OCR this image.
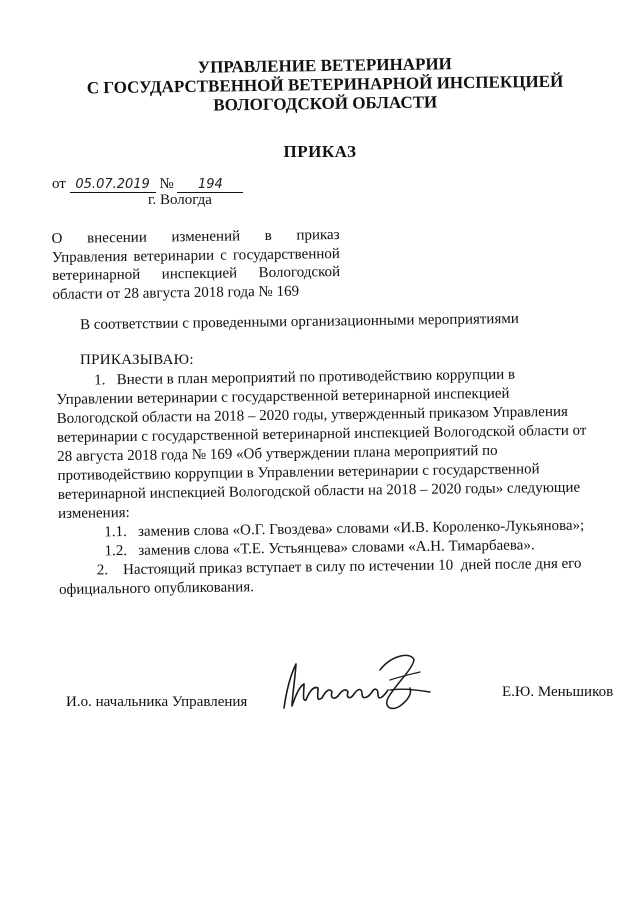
УПРАВЛЕНИЕ ВЕТЕРИНАРИИ
С ГОСУДАРСТВЕННОЙ ВЕТЕРИНАРНОЙ ИНСПЕКЦИЕЙ
ВОЛОГОДСКОЙ ОБЛАСТИ
ПРИКАЗ
от 05.07.2019 № 194
г. Вологда
О внесении изменений в приказ
Управления ветеринарии с государственной
ветеринарной инспекцией Вологодской
области от 28 августа 2018 года № 169
В соответствии с проведенными организационными мероприятиями
ПРИКАЗЫВАЮ:
1.   Внести в план мероприятий по противодействию коррупции в
Управлении ветеринарии с государственной ветеринарной инспекцией
Вологодской области на 2018 – 2020 годы, утвержденный приказом Управления
ветеринарии с государственной ветеринарной инспекцией Вологодской области от
28 августа 2018 года № 169 «Об утверждении плана мероприятий по
противодействию коррупции в Управлении ветеринарии с государственной
ветеринарной инспекцией Вологодской области на 2018 – 2020 годы» следующие
изменения:
1.1.   заменив слова «О.Г. Гвоздева» словами «И.В. Короленко-Лукьянова»;
1.2.   заменив слова «Т.Е. Устьянцева» словами «А.Н. Тимарбаева».
2.    Настоящий приказ вступает в силу по истечении 10  дней после дня его
официального опубликования.
И.о. начальника Управления
Е.Ю. Меньшиков
